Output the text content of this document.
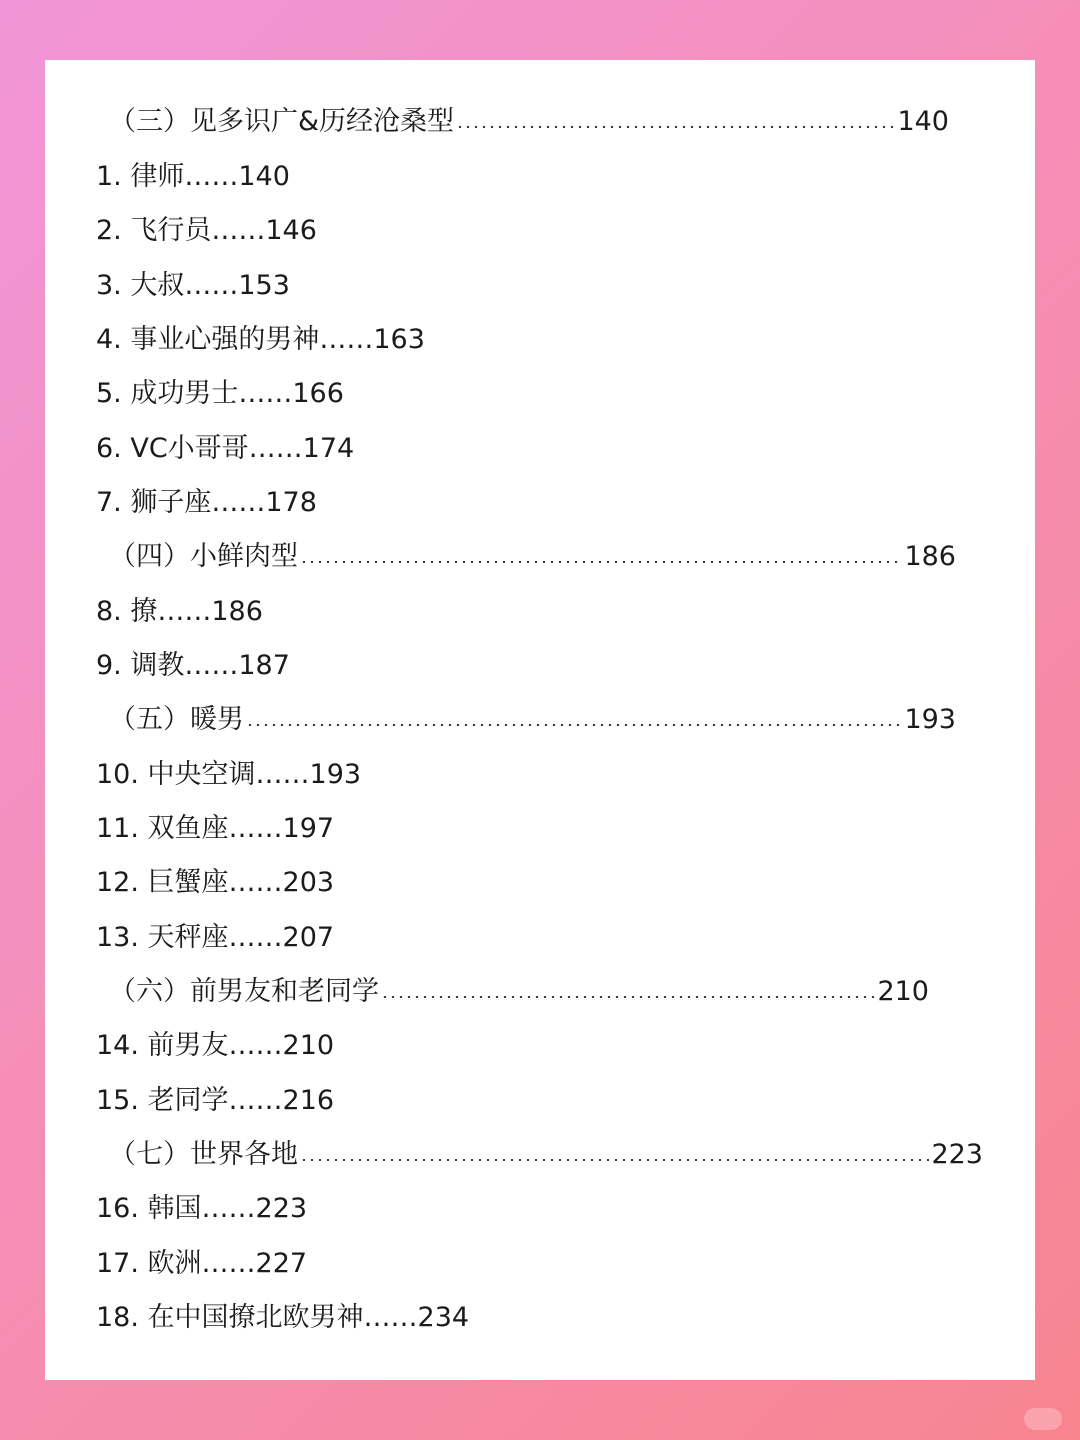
（三）见多识广&历经沧桑型	140
1. 律师……140
2. 飞行员……146
3. 大叔……153
4. 事业心强的男神……163
5. 成功男士……166
6. VC小哥哥……174
7. 狮子座……178
（四）小鲜肉型	186
8. 撩……186
9. 调教……187
（五）暖男	193
10. 中央空调……193
11. 双鱼座……197
12. 巨蟹座……203
13. 天秤座……207
（六）前男友和老同学	210
14. 前男友……210
15. 老同学……216
（七）世界各地	223
16. 韩国……223
17. 欧洲……227
18. 在中国撩北欧男神……234
